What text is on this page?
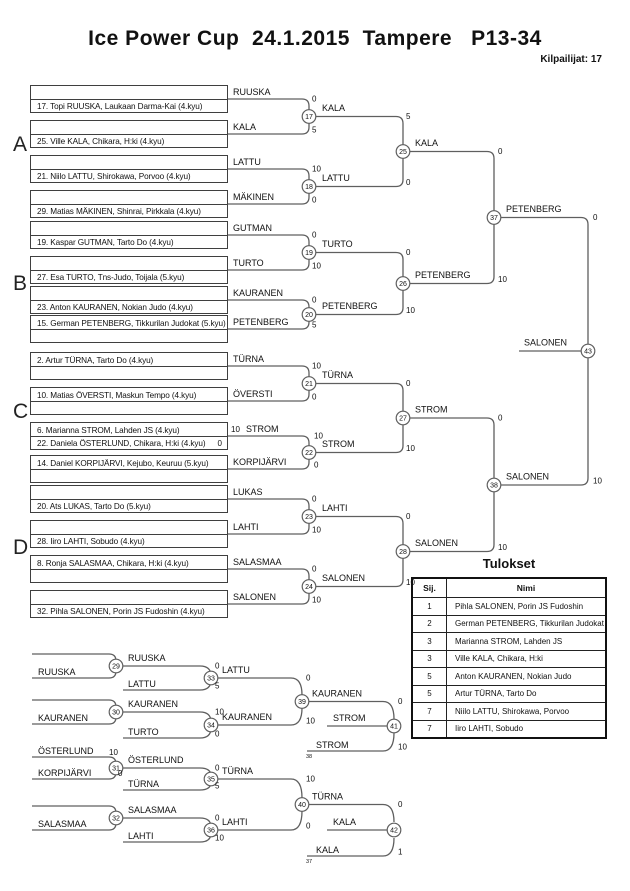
Ice Power Cup  24.1.2015  Tampere   P13-34
Kilpailijat: 17
A
B
C
D
17. Topi RUUSKA, Laukaan Darma-Kai (4.kyu)
25. Ville KALA, Chikara, H:ki (4.kyu)
21. Niilo LATTU, Shirokawa, Porvoo (4.kyu)
29. Matias MÄKINEN, Shinrai, Pirkkala (4.kyu)
19. Kaspar GUTMAN, Tarto Do (4.kyu)
27. Esa TURTO, Tns-Judo, Toijala (5.kyu)
23. Anton KAURANEN, Nokian Judo (4.kyu)
15. German PETENBERG, Tikkurilan Judokat (5.kyu)
2. Artur TÜRNA, Tarto Do (4.kyu)
10. Matias ÖVERSTI, Maskun Tempo (4.kyu)
6. Marianna STROM, Lahden JS (4.kyu)
22. Daniela ÖSTERLUND, Chikara, H:ki (4.kyu) 0
14. Daniel KORPIJÄRVI, Kejubo, Keuruu (5.kyu)
20. Ats LUKAS, Tarto Do (5.kyu)
28. Iiro LAHTI, Sobudo (4.kyu)
8. Ronja SALASMAA, Chikara, H:ki (4.kyu)
32. Pihla SALONEN, Porin JS Fudoshin (4.kyu)
17
18
19
20
21
22
23
24
25
26
27
28
37
38
43
29
30
31
32
33
34
35
36
39
40
41
42
RUUSKA
KALA
LATTU
MÄKINEN
GUTMAN
TURTO
KAURANEN
PETENBERG
TÜRNA
ÖVERSTI
10 STROM
KORPIJÄRVI
LUKAS
LAHTI
SALASMAA
SALONEN
0
5
10
0
0
10
0
5
10
0
10
0
0
10
0
10
5
0
0
10
0
10
0
10
0
10
0
10
0
10
KALA
LATTU
TURTO
PETENBERG
TÜRNA
STROM
LAHTI
SALONEN
KALA
PETENBERG
STROM
SALONEN
PETENBERG
SALONEN
SALONEN
RUUSKA
KAURANEN
ÖSTERLUND
KORPIJÄRVI
SALASMAA
RUUSKA
KAURANEN
ÖSTERLUND
SALASMAA
10
0
LATTU
TURTO
TÜRNA
LAHTI
0
5
10
0
0
5
0
10
LATTU
KAURANEN
TÜRNA
LAHTI
0
10
10
0
KAURANEN
TÜRNA
0
10
STROM
38
STROM
0
1
KALA
37
KALA
Tulokset
Sij.	Nimi
1	Pihla SALONEN, Porin JS Fudoshin
2	German PETENBERG, Tikkurilan Judokat
3	Marianna STROM, Lahden JS
3	Ville KALA, Chikara, H:ki
5	Anton KAURANEN, Nokian Judo
5	Artur TÜRNA, Tarto Do
7	Niilo LATTU, Shirokawa, Porvoo
7	Iiro LAHTI, Sobudo
